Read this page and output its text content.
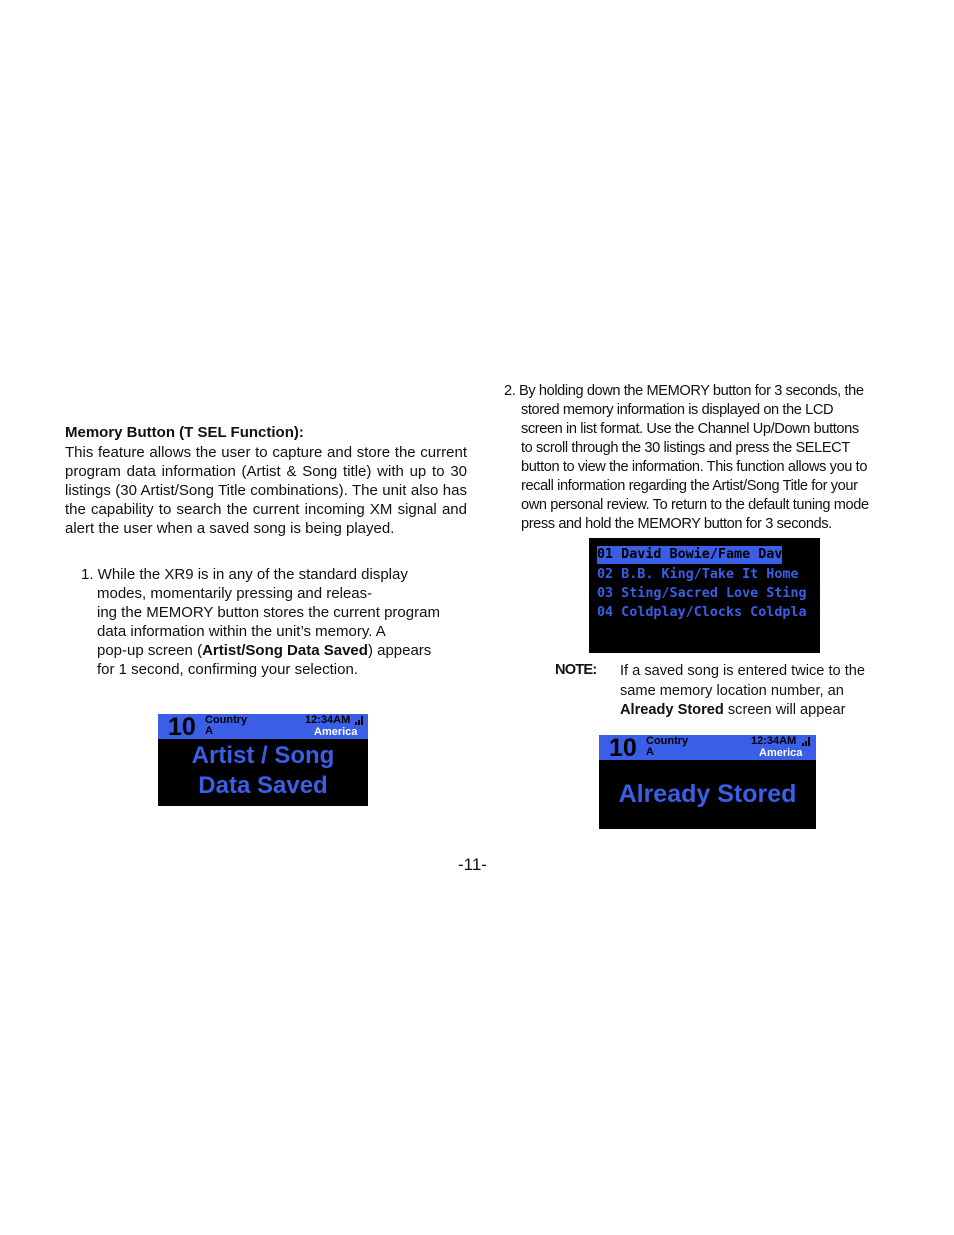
Memory Button (T SEL Function):

This feature allows the user to capture and store the current program data information (Artist & Song title) with up to 30 listings (30 Artist/Song Title combinations). The unit also has the capability to search the current incoming XM signal and alert the user when a saved song is being played.

1. While the XR9 is in any of the standard display

modes, momentarily pressing and releas-
ing the MEMORY button stores the current program
data information within the unit’s memory. A
pop-up screen (Artist/Song Data Saved) appears
for 1 second, confirming your selection.

10 Country
A
12:34AM
America
Artist / Song
Data Saved

2. By holding down the MEMORY button for 3 seconds, the

stored memory information is displayed on the LCD
screen in list format. Use the Channel Up/Down buttons
to scroll through the 30 listings and press the SELECT
button to view the information. This function allows you to
recall information regarding the Artist/Song Title for your
own personal review. To return to the default tuning mode
press and hold the MEMORY button for 3 seconds.

01 David Bowie/Fame Dav
02 B.B. King/Take It Home
03 Sting/Sacred Love Sting
04 Coldplay/Clocks Coldpla
NOTE: If a saved song is entered twice to the
same memory location number, an
Already Stored screen will appear
10 Country
A
12:34AM
America
Already Stored
-11-
